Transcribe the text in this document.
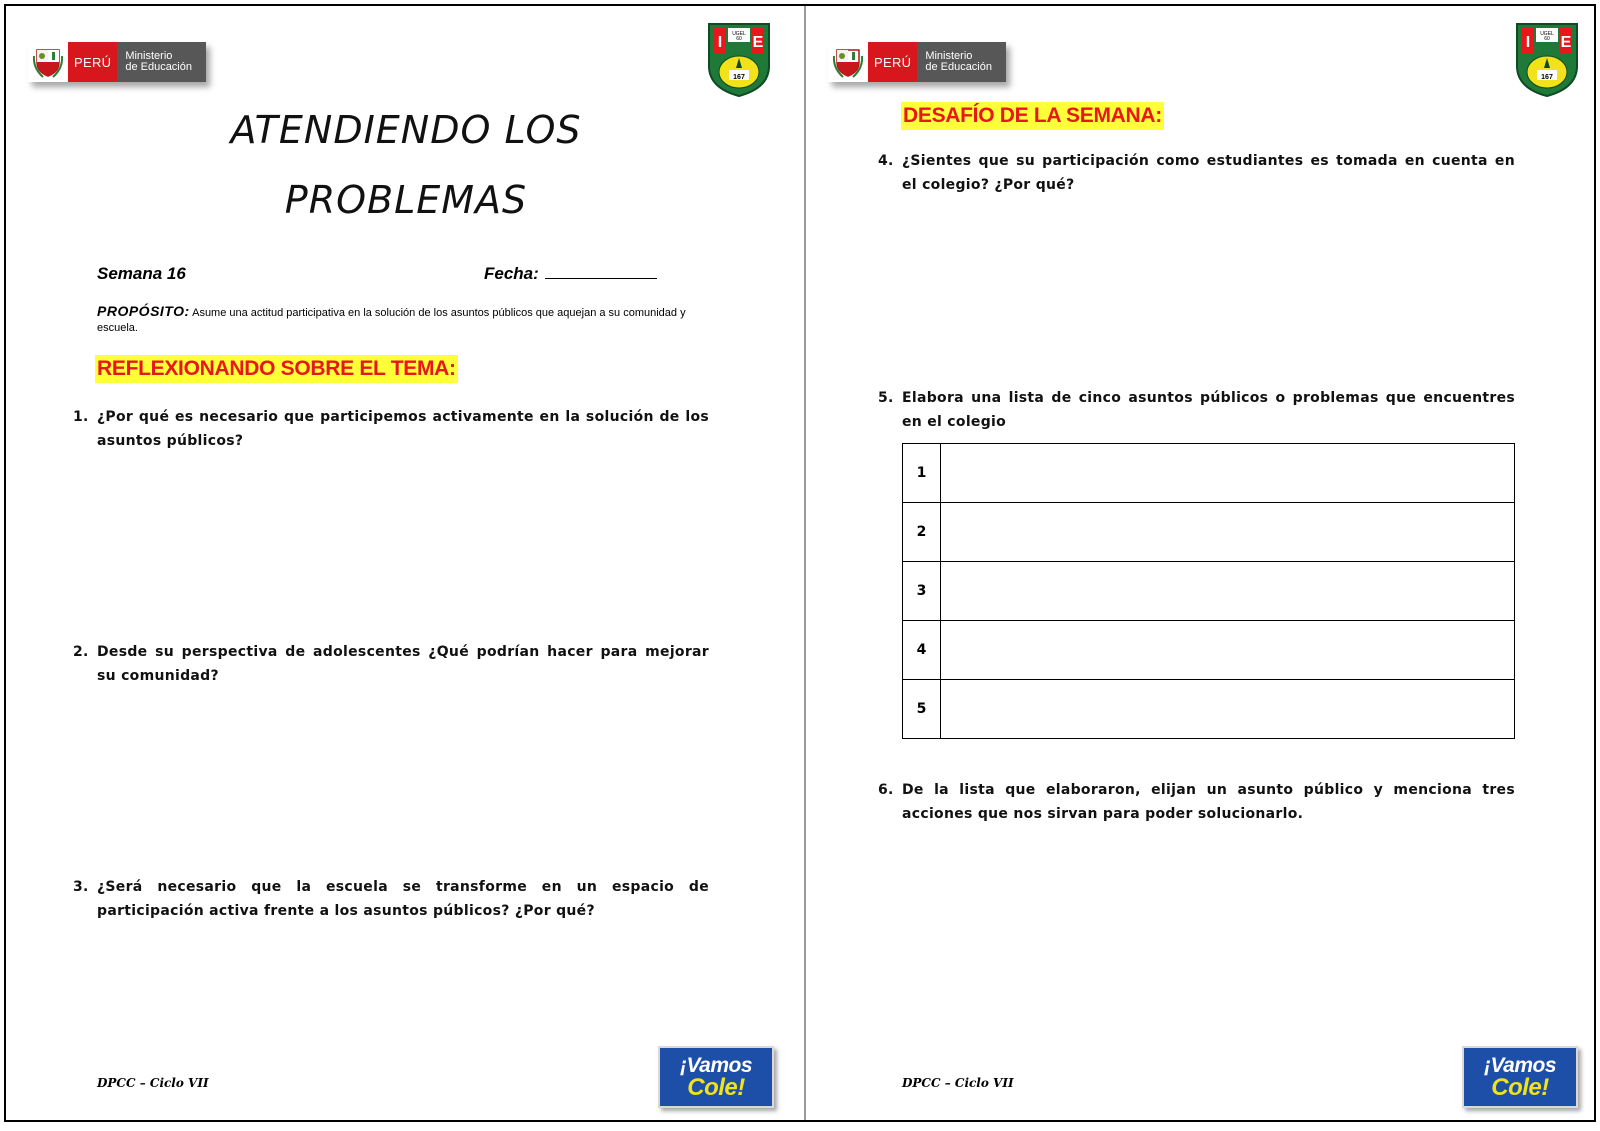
PERÚ	Ministerio
de Educación
I E
UGEL
60
167
ATENDIENDO LOS
PROBLEMAS
Semana 16	Fecha:
PROPÓSITO: Asume una actitud participativa en la solución de los asuntos públicos que aquejan a su comunidad y escuela.
REFLEXIONANDO SOBRE EL TEMA:
1. ¿Por qué es necesario que participemos activamente en la solución de los asuntos públicos?
2. Desde su perspectiva de adolescentes ¿Qué podrían hacer para mejorar su comunidad?
3. ¿Será necesario que la escuela se transforme en un espacio de participación activa frente a los asuntos públicos? ¿Por qué?
DPCC – Ciclo VII
¡Vamos
Cole!
PERÚ	Ministerio
de Educación
I E
UGEL
60
167
DESAFÍO DE LA SEMANA:
4. ¿Sientes que su participación como estudiantes es tomada en cuenta en el colegio? ¿Por qué?
5. Elabora una lista de cinco asuntos públicos o problemas que encuentres en el colegio
1	
2	
3	
4	
5	
6. De la lista que elaboraron, elijan un asunto público y menciona tres acciones que nos sirvan para poder solucionarlo.
DPCC – Ciclo VII
¡Vamos
Cole!
